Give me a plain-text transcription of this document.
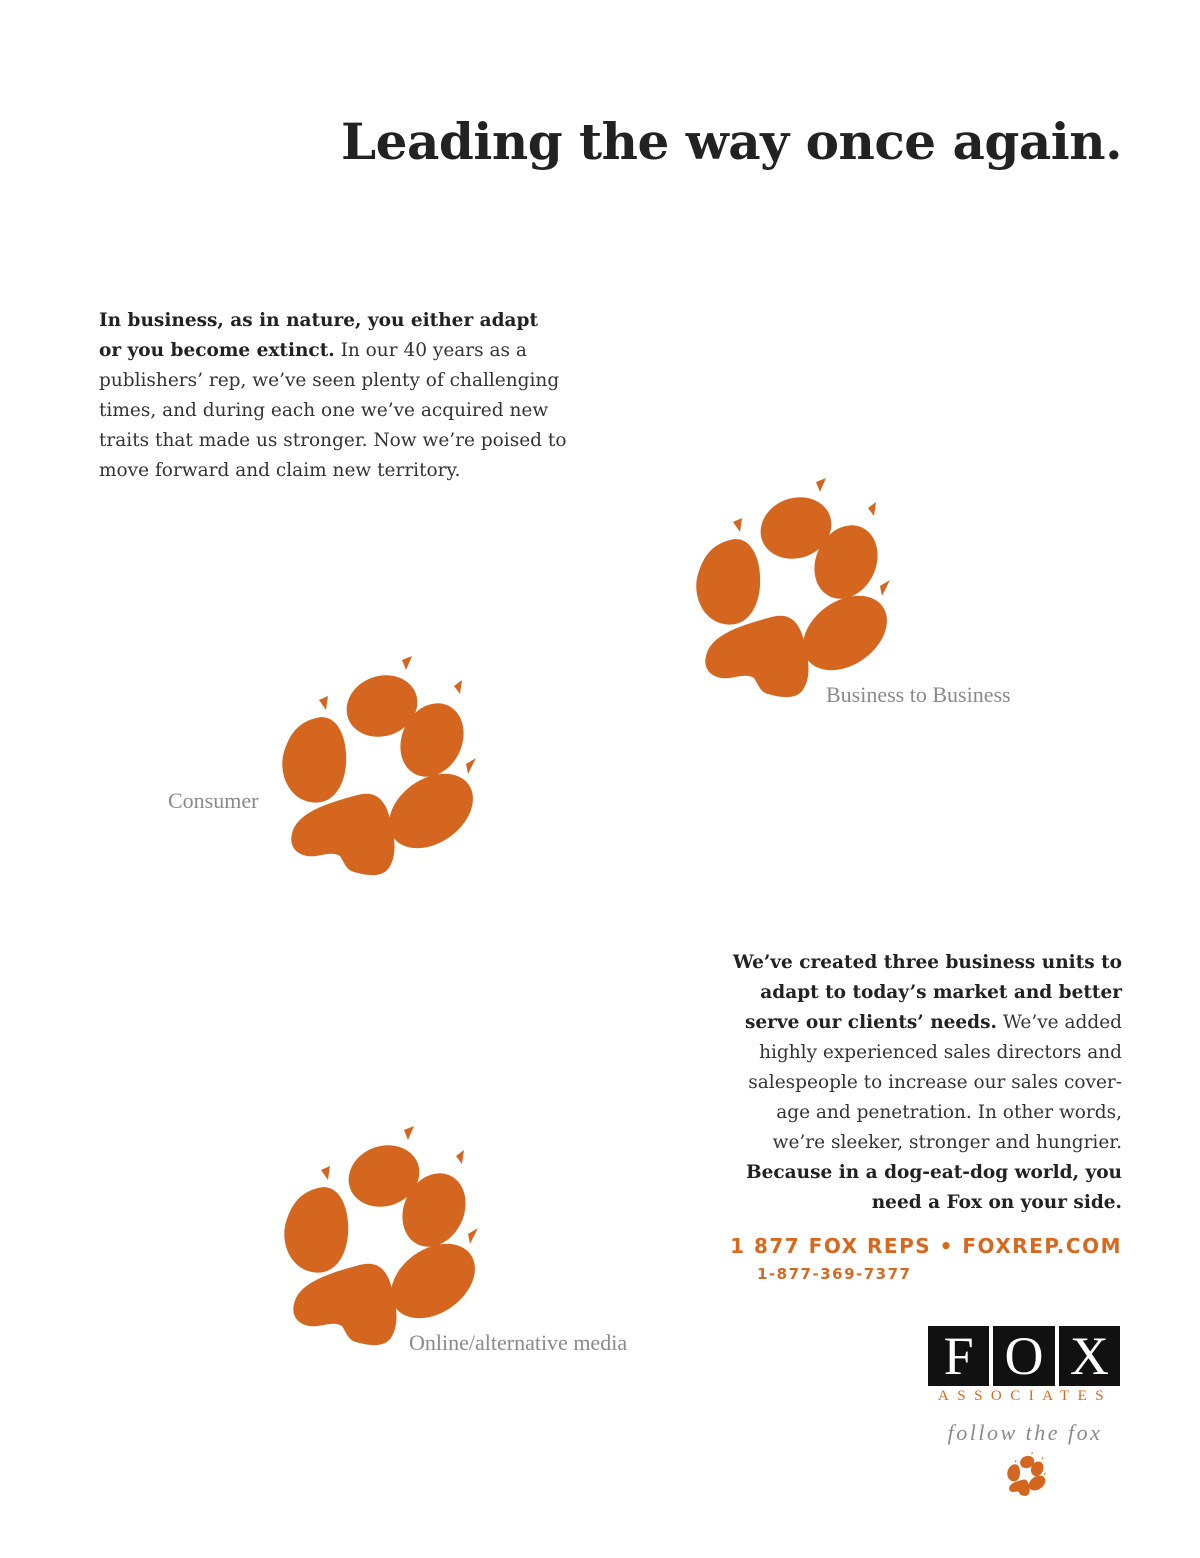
Leading the way once again.
In business, as in nature, you either adapt
or you become extinct. In our 40 years as a
publishers’ rep, we’ve seen plenty of challenging
times, and during each one we’ve acquired new
traits that made us stronger. Now we’re poised to
move forward and claim new territory.
Business to Business
Consumer
Online/alternative media
We’ve created three business units to
adapt to today’s market and better
serve our clients’ needs. We’ve added
highly experienced sales directors and
salespeople to increase our sales cover-
age and penetration. In other words,
we’re sleeker, stronger and hungrier.
Because in a dog-eat-dog world, you
need a Fox on your side.
1 877 FOX REPS • FOXREP.COM
1-877-369-7377
F O X
ASSOCIATES
follow the fox
